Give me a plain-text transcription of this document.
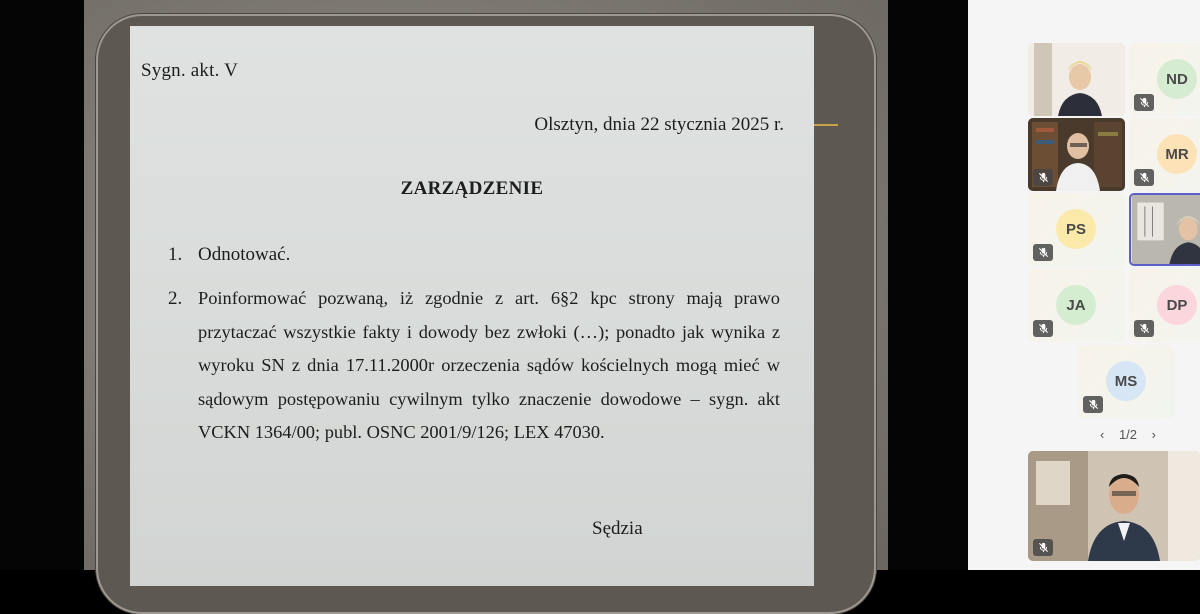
Sygn. akt. V
Olsztyn, dnia 22 stycznia 2025 r.
ZARZĄDZENIE
1. Odnotować.
2. Poinformować pozwaną, iż zgodnie z art. 6§2 kpc strony mają prawo przytaczać wszystkie fakty i dowody bez zwłoki (…); ponadto jak wynika z wyroku SN z dnia 17.11.2000r orzeczenia sądów kościelnych mogą mieć w sądowym postępowaniu cywilnym tylko znaczenie dowodowe – sygn. akt VCKN 1364/00; publ. OSNC 2001/9/126; LEX 47030.
Sędzia
ND
MR
PS
JA	DP
MS
‹ 1/2 ›
